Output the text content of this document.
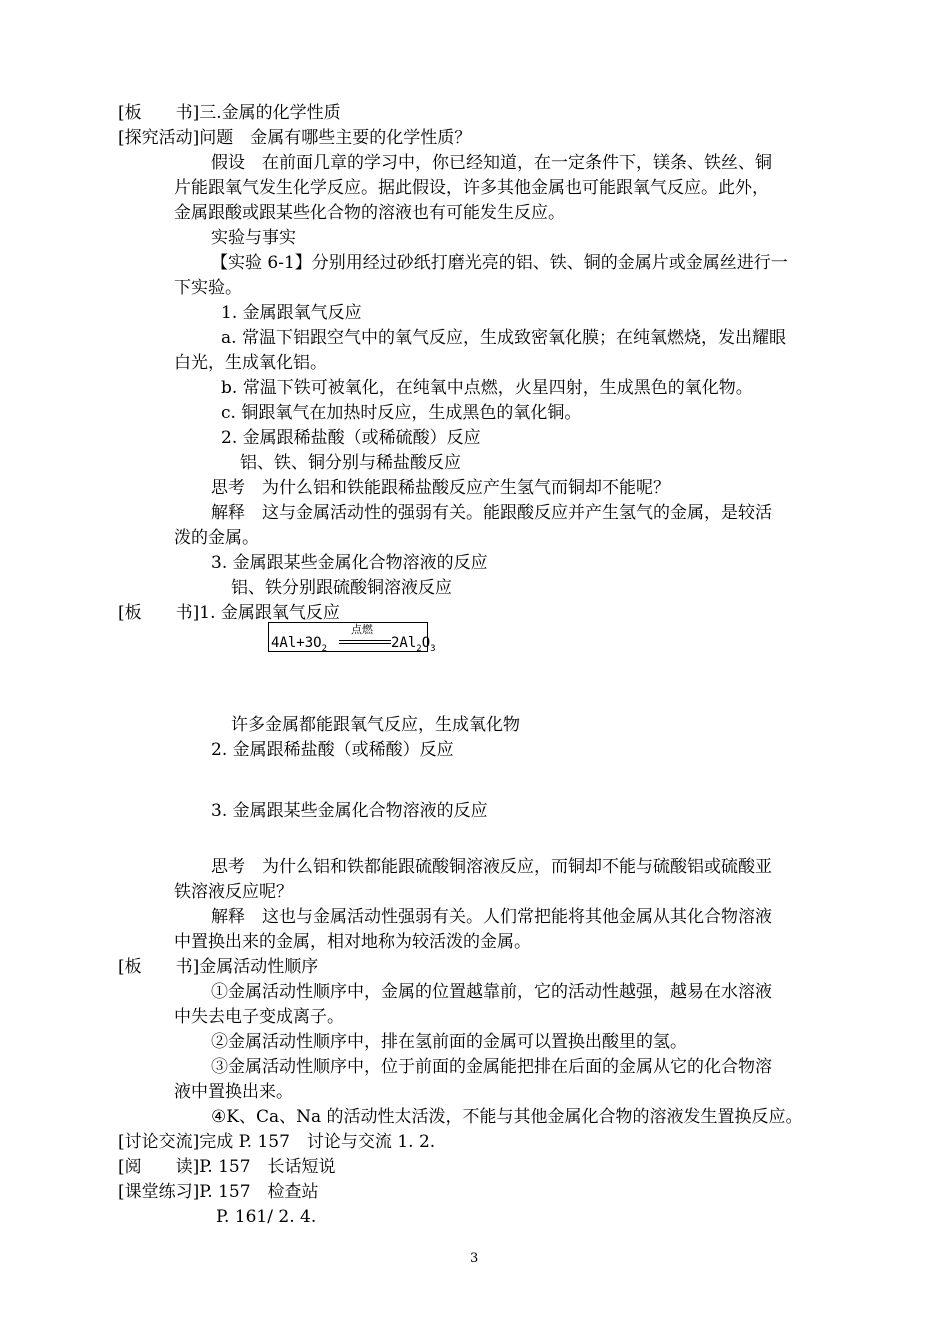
[板　　书]三.金属的化学性质
[探究活动]问题　金属有哪些主要的化学性质？
假设　在前面几章的学习中，你已经知道，在一定条件下，镁条、铁丝、铜
片能跟氧气发生化学反应。据此假设，许多其他金属也可能跟氧气反应。此外，
金属跟酸或跟某些化合物的溶液也有可能发生反应。
实验与事实
【实验 6-1】分别用经过砂纸打磨光亮的铝、铁、铜的金属片或金属丝进行一
下实验。
1. 金属跟氧气反应
a. 常温下铝跟空气中的氧气反应，生成致密氧化膜；在纯氧燃烧，发出耀眼
白光，生成氧化铝。
b. 常温下铁可被氧化，在纯氧中点燃，火星四射，生成黑色的氧化物。
c. 铜跟氧气在加热时反应，生成黑色的氧化铜。
2. 金属跟稀盐酸（或稀硫酸）反应
铝、铁、铜分别与稀盐酸反应
思考　为什么铝和铁能跟稀盐酸反应产生氢气而铜却不能呢？
解释　这与金属活动性的强弱有关。能跟酸反应并产生氢气的金属，是较活
泼的金属。
3. 金属跟某些金属化合物溶液的反应
铝、铁分别跟硫酸铜溶液反应
[板　　书]1. 金属跟氧气反应
$4Al+3O_2$
点燃
$2Al_2O_3$
许多金属都能跟氧气反应，生成氧化物
2. 金属跟稀盐酸（或稀酸）反应
3. 金属跟某些金属化合物溶液的反应
思考　为什么铝和铁都能跟硫酸铜溶液反应，而铜却不能与硫酸铝或硫酸亚
铁溶液反应呢？
解释　这也与金属活动性强弱有关。人们常把能将其他金属从其化合物溶液
中置换出来的金属，相对地称为较活泼的金属。
[板　　书]金属活动性顺序
①金属活动性顺序中，金属的位置越靠前，它的活动性越强，越易在水溶液
中失去电子变成离子。
②金属活动性顺序中，排在氢前面的金属可以置换出酸里的氢。
③金属活动性顺序中，位于前面的金属能把排在后面的金属从它的化合物溶
液中置换出来。
④K、Ca、Na 的活动性太活泼，不能与其他金属化合物的溶液发生置换反应。
[讨论交流]完成 P. 157　讨论与交流 1. 2.
[阅　　读]P. 157　长话短说
[课堂练习]P. 157　检查站
P. 161/ 2. 4.
3
